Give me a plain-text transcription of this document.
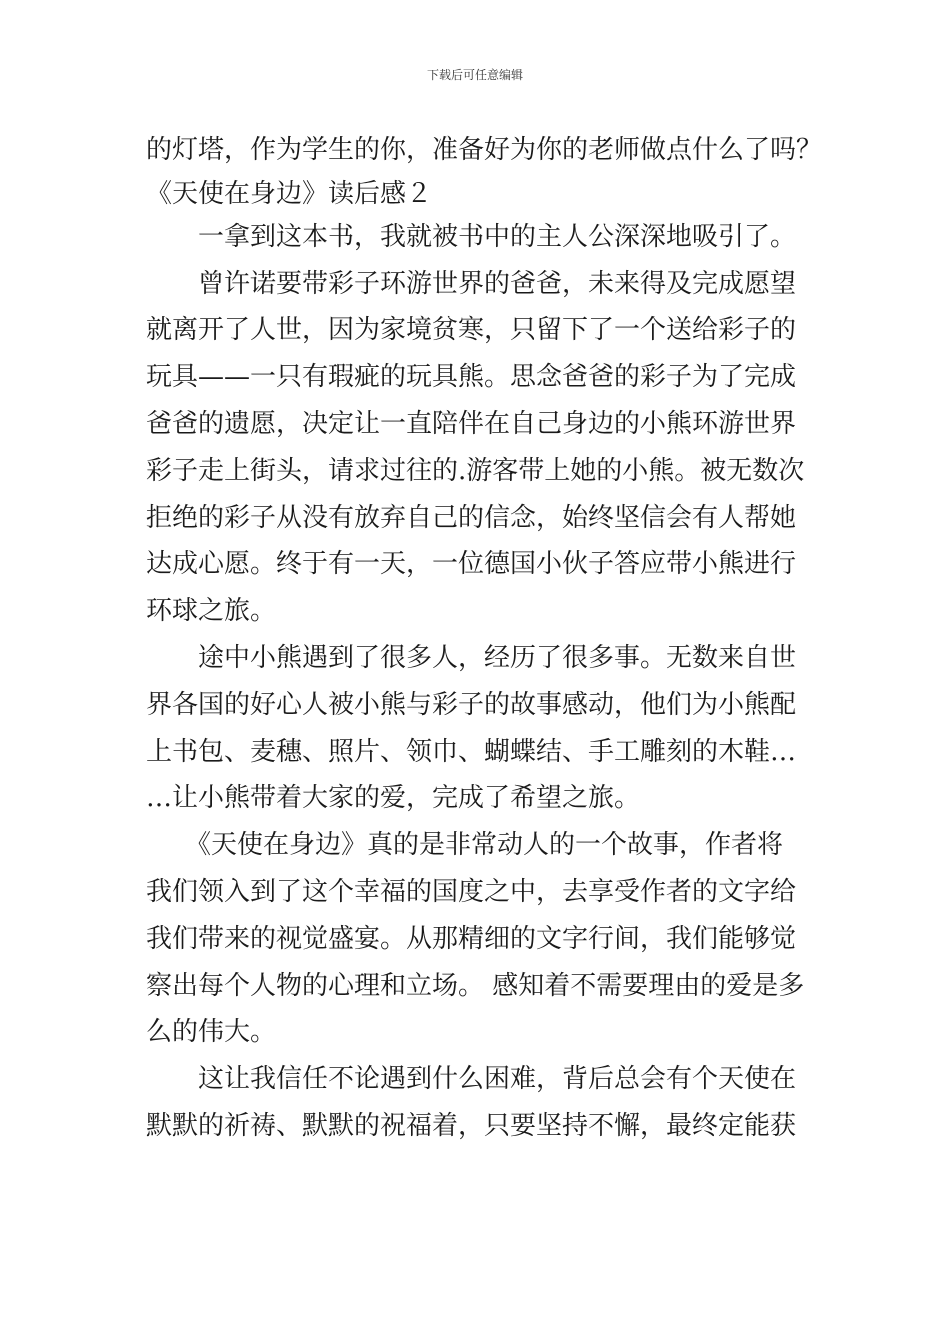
下载后可任意编辑
的灯塔，作为学生的你，准备好为你的老师做点什么了吗？
《天使在身边》读后感２
　　一拿到这本书，我就被书中的主人公深深地吸引了。
　　曾许诺要带彩子环游世界的爸爸，未来得及完成愿望
就离开了人世，因为家境贫寒，只留下了一个送给彩子的
玩具——一只有瑕疵的玩具熊。思念爸爸的彩子为了完成
爸爸的遗愿，决定让一直陪伴在自己身边的小熊环游世界
彩子走上街头，请求过往的.游客带上她的小熊。被无数次
拒绝的彩子从没有放弃自己的信念，始终坚信会有人帮她
达成心愿。终于有一天，一位德国小伙子答应带小熊进行
环球之旅。
　　途中小熊遇到了很多人，经历了很多事。无数来自世
界各国的好心人被小熊与彩子的故事感动，他们为小熊配
上书包、麦穗、照片、领巾、蝴蝶结、手工雕刻的木鞋…
…让小熊带着大家的爱，完成了希望之旅。
　　《天使在身边》真的是非常动人的一个故事，作者将
我们领入到了这个幸福的国度之中，去享受作者的文字给
我们带来的视觉盛宴。从那精细的文字行间，我们能够觉
察出每个人物的心理和立场。 感知着不需要理由的爱是多
么的伟大。
　　这让我信任不论遇到什么困难，背后总会有个天使在
默默的祈祷、默默的祝福着，只要坚持不懈，最终定能获
